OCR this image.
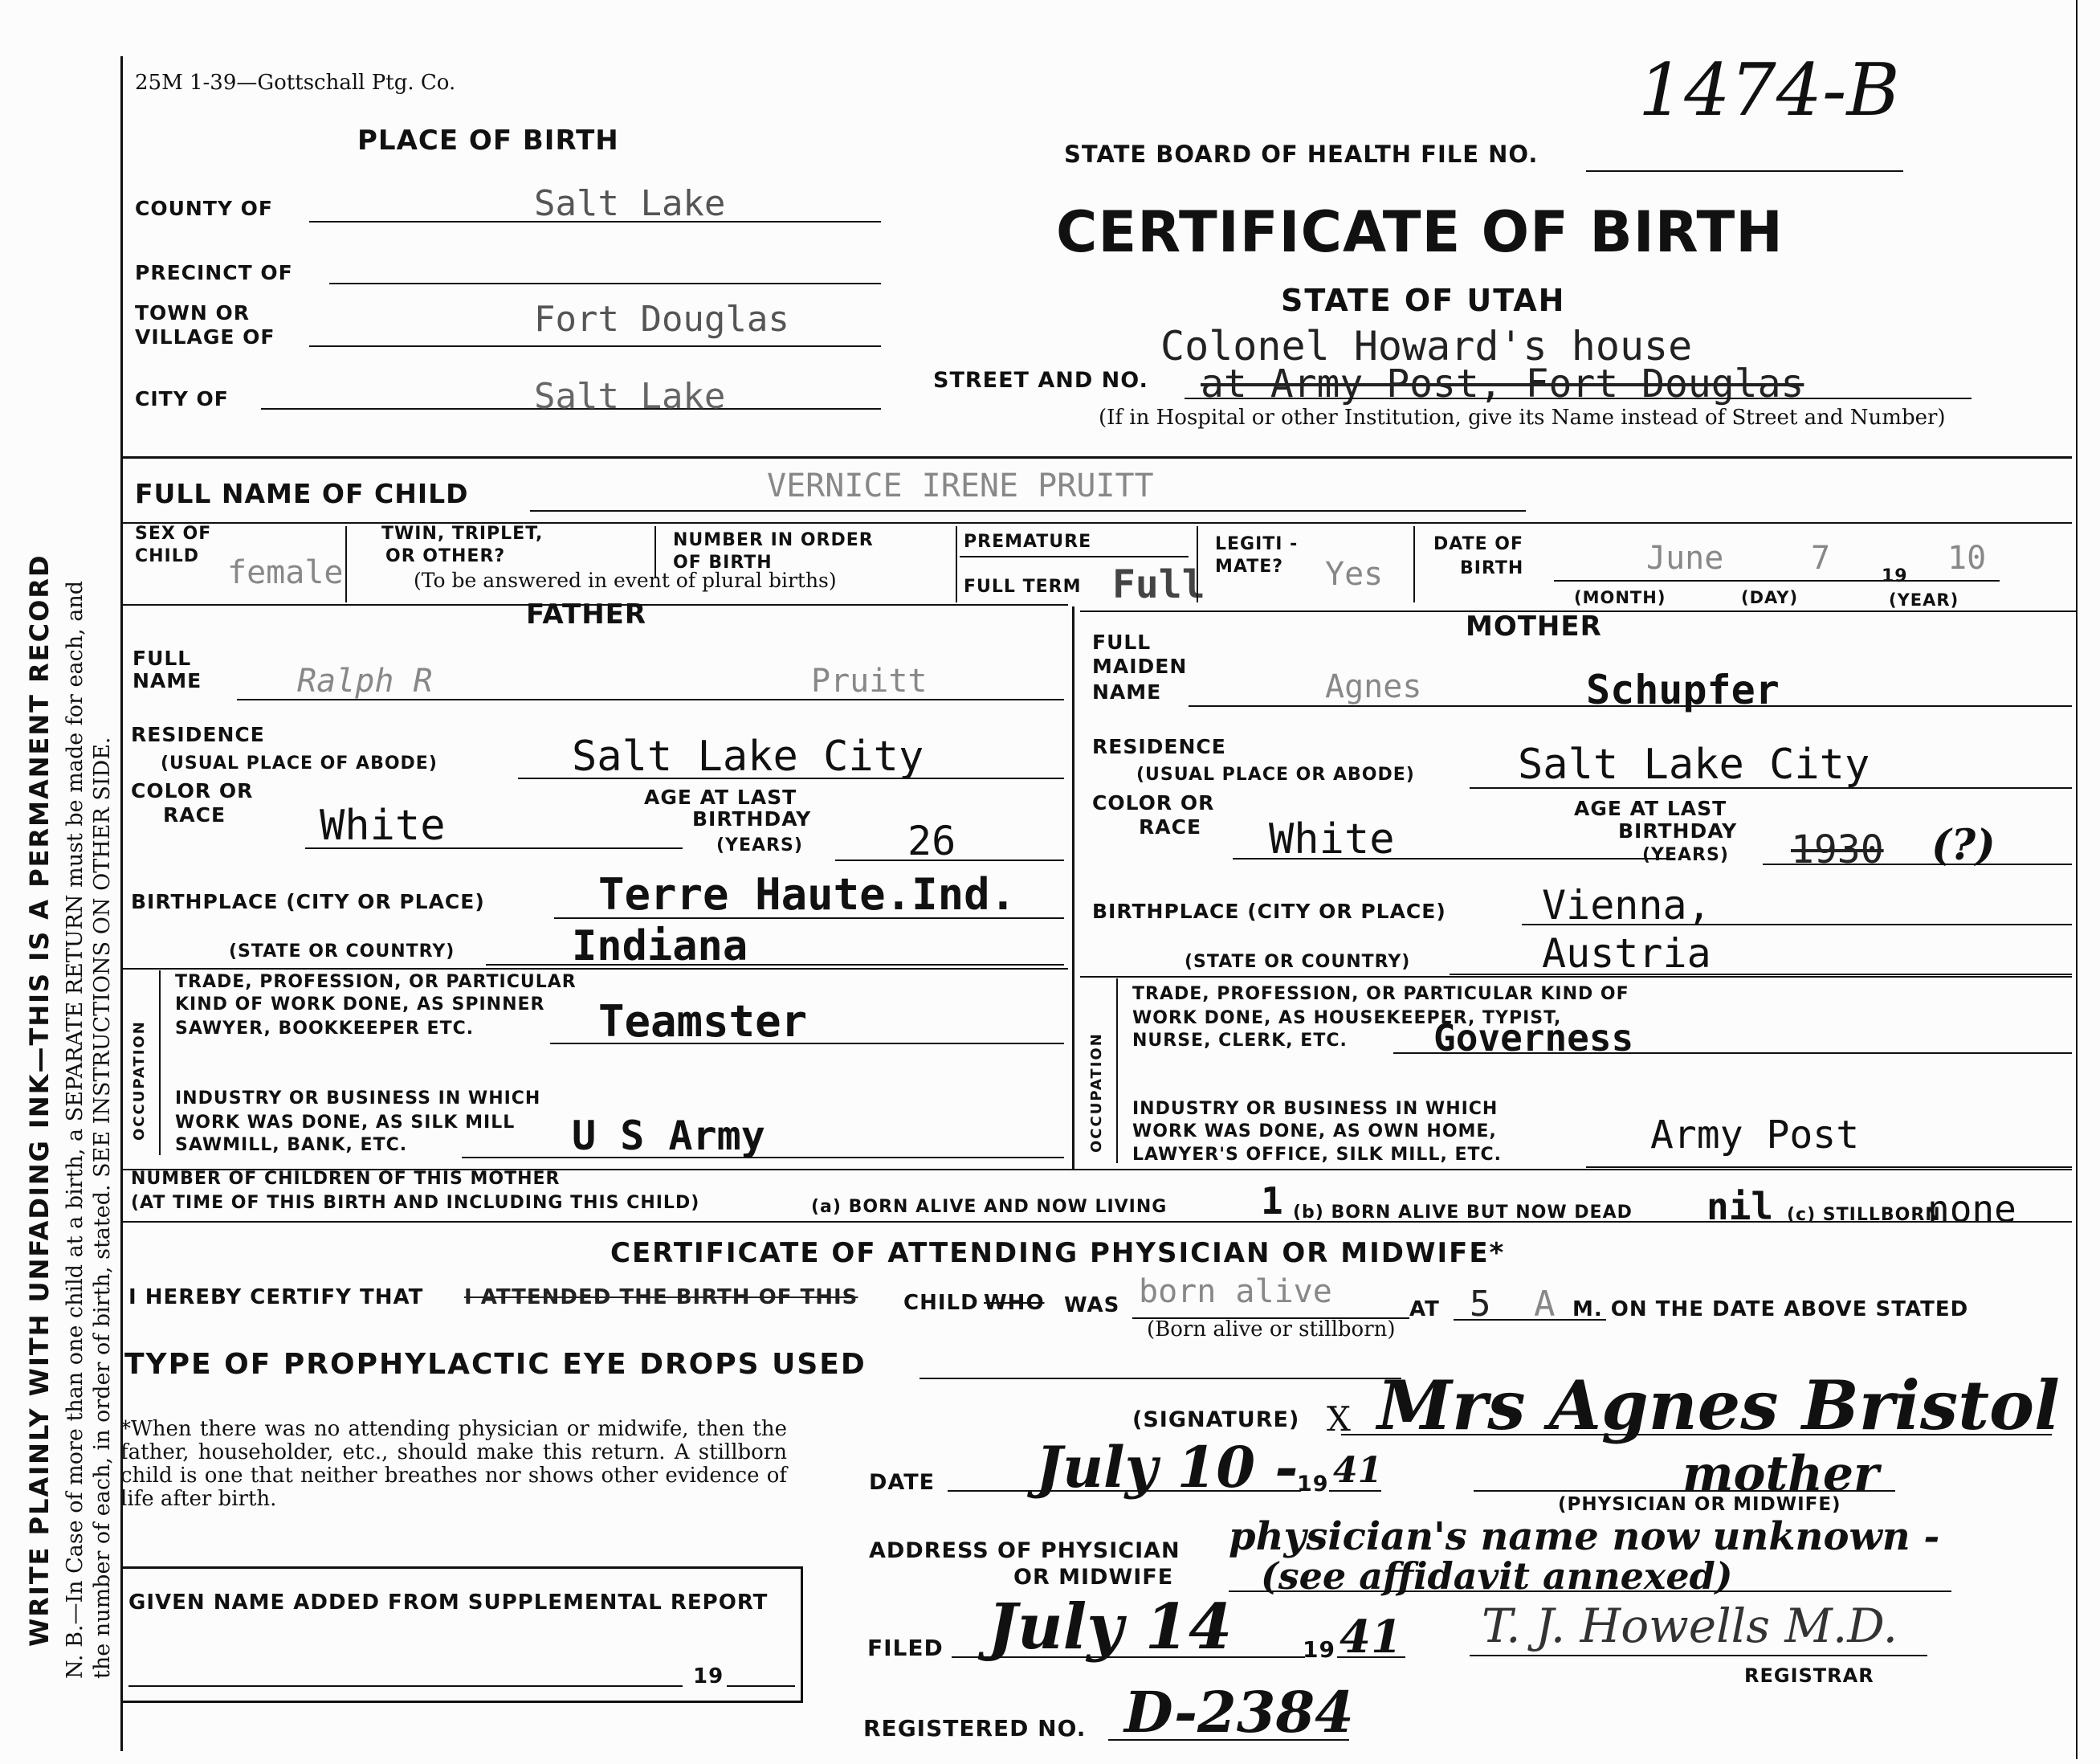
WRITE PLAINLY WITH UNFADING INK—THIS IS A PERMANENT RECORD N. B.—In Case of more than one child at a birth, a SEPARATE RETURN must be made for each, and the number of each, in order of birth, stated. SEE INSTRUCTIONS ON OTHER SIDE.
25M 1-39—Gottschall Ptg. Co.	1474-B
PLACE OF BIRTH	STATE BOARD OF HEALTH FILE NO.
CERTIFICATE OF BIRTH
STATE OF UTAH
COUNTY OF	Salt Lake
PRECINCT OF
TOWN OR
VILLAGE OF	Fort Douglas
CITY OF	Salt Lake
Colonel Howard's house
STREET AND NO. at Army Post, Fort Douglas
(If in Hospital or other Institution, give its Name instead of Street and Number)
FULL NAME OF CHILD	VERNICE IRENE PRUITT
SEX OF
CHILD female
TWIN, TRIPLET,
OR OTHER?
NUMBER IN ORDER
OF BIRTH
(To be answered in event of plural births)
PREMATURE
FULL TERM Full
LEGITI -
MATE? Yes
DATE OF
BIRTH	June	7	19 10
(MONTH)	(DAY)	(YEAR)
FATHER	MOTHER
FULL
NAME	Ralph R	Pruitt
RESIDENCE
(USUAL PLACE OF ABODE)	Salt Lake City
COLOR OR
RACE White
AGE AT LAST
BIRTHDAY
(YEARS)	26
BIRTHPLACE (CITY OR PLACE)	Terre Haute.Ind.
(STATE OR COUNTRY)	Indiana
OCCUPATION
TRADE, PROFESSION, OR PARTICULAR
KIND OF WORK DONE, AS SPINNER
SAWYER, BOOKKEEPER ETC.	Teamster
INDUSTRY OR BUSINESS IN WHICH
WORK WAS DONE, AS SILK MILL
SAWMILL, BANK, ETC.	U S Army
FULL
MAIDEN
NAME	Agnes	Schupfer
RESIDENCE
(USUAL PLACE OR ABODE) Salt Lake City
COLOR OR
RACE White
AGE AT LAST
BIRTHDAY
(YEARS) 1930 (?)
BIRTHPLACE (CITY OR PLACE) Vienna,
(STATE OR COUNTRY)	Austria
OCCUPATION
TRADE, PROFESSION, OR PARTICULAR KIND OF
WORK DONE, AS HOUSEKEEPER, TYPIST,
NURSE, CLERK, ETC. Governess
INDUSTRY OR BUSINESS IN WHICH
WORK WAS DONE, AS OWN HOME,
LAWYER'S OFFICE, SILK MILL, ETC.	Army Post
NUMBER OF CHILDREN OF THIS MOTHER
(AT TIME OF THIS BIRTH AND INCLUDING THIS CHILD)	(a) BORN ALIVE AND NOW LIVING	1 (b) BORN ALIVE BUT NOW DEAD nil (c) STILLBORN
none
CERTIFICATE OF ATTENDING PHYSICIAN OR MIDWIFE*
I HEREBY CERTIFY THAT I ATTENDED THE BIRTH OF THIS CHILD WHO WAS born alive	AT 5 A M. ON THE DATE ABOVE STATED
(Born alive or stillborn)
TYPE OF PROPHYLACTIC EYE DROPS USED
*When there was no attending physician or midwife, then the father, householder, etc., should make this return. A stillborn child is one that neither breathes nor shows other evidence of life after birth.
(SIGNATURE) X Mrs Agnes Bristol
DATE July 10 -
19 41	mother
(PHYSICIAN OR MIDWIFE)
ADDRESS OF PHYSICIAN
OR MIDWIFE
physician's name now unknown -
(see affidavit annexed)
GIVEN NAME ADDED FROM SUPPLEMENTAL REPORT
19
FILED July 14	19 41 T. J. Howells M.D.
REGISTRAR
REGISTERED NO. D-2384
